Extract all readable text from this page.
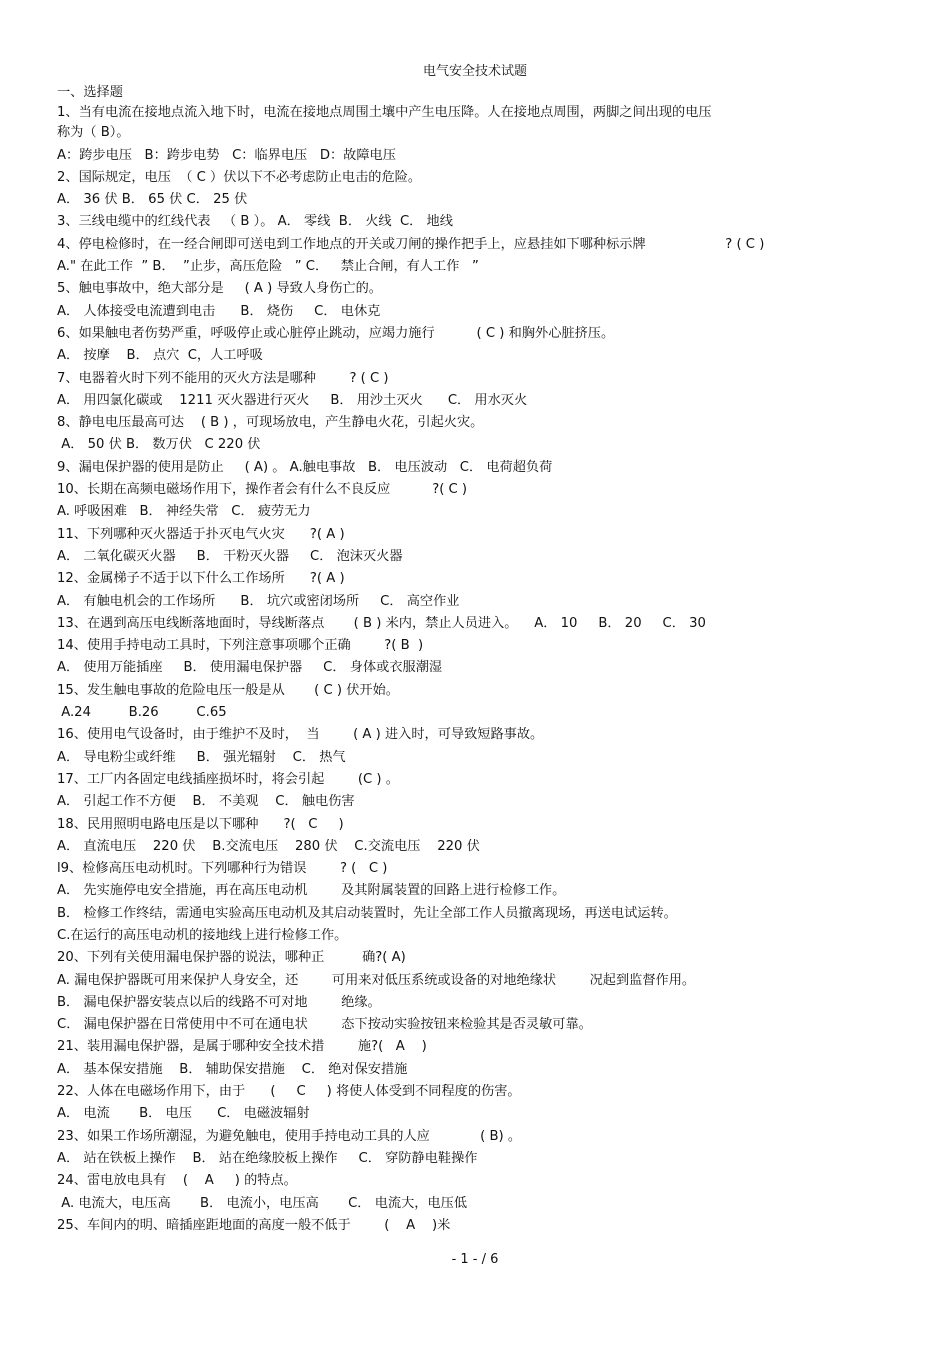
电气安全技术试题
一、选择题
1、当有电流在接地点流入地下时，电流在接地点周围土壤中产生电压降。人在接地点周围，两脚之间出现的电压
称为（ B）。
A：跨步电压   B：跨步电势   C：临界电压   D：故障电压
2、国际规定，电压  （ C ）伏以下不必考虑防止电击的危险。
A． 36 伏 B． 65 伏 C． 25 伏
3、三线电缆中的红线代表   （ B ）。 A． 零线  B． 火线  C． 地线
4、停电检修时，在一经合闸即可送电到工作地点的开关或刀闸的操作把手上，应悬挂如下哪种标示牌                   ? ( C )
A." 在此工作  ” B．  ”止步，高压危险   ” C．   禁止合闸，有人工作   ”
5、触电事故中，绝大部分是     ( A ) 导致人身伤亡的。
A． 人体接受电流遭到电击      B． 烧伤     C． 电休克
6、如果触电者伤势严重，呼吸停止或心脏停止跳动，应竭力施行          ( C ) 和胸外心脏挤压。
A． 按摩    B． 点穴  C，人工呼吸
7、电器着火时下列不能用的灭火方法是哪种        ? ( C )
A． 用四氯化碳或    1211 灭火器进行灭火     B． 用沙土灭火      C． 用水灭火
8、静电电压最高可达    ( B ) ，可现场放电，产生静电火花，引起火灾。
A． 50 伏 B． 数万伏   C 220 伏
9、漏电保护器的使用是防止     ( A) 。 A.触电事故   B． 电压波动   C． 电荷超负荷
10、长期在高频电磁场作用下，操作者会有什么不良反应          ?( C )
A. 呼吸困难   B． 神经失常   C． 疲劳无力
11、下列哪种灭火器适于扑灭电气火灾      ?( A )
A． 二氧化碳灭火器     B． 干粉灭火器     C． 泡沫灭火器
12、金属梯子不适于以下什么工作场所      ?( A )
A． 有触电机会的工作场所      B． 坑穴或密闭场所     C． 高空作业
13、在遇到高压电线断落地面时，导线断落点       ( B ) 米内，禁止人员进入。    A． 10     B． 20     C． 30
14、使用手持电动工具时，下列注意事项哪个正确        ?( B  )
A． 使用万能插座     B． 使用漏电保护器     C． 身体或衣服潮湿
15、发生触电事故的危险电压一般是从       ( C ) 伏开始。
A.24         B.26         C.65
16、使用电气设备时，由于维护不及时，  当        ( A ) 进入时，可导致短路事故。
A． 导电粉尘或纤维     B． 强光辐射    C． 热气
17、工厂内各固定电线插座损坏时，将会引起        (C ) 。
A． 引起工作不方便    B． 不美观    C． 触电伤害
18、民用照明电路电压是以下哪种      ?(   C     )
A． 直流电压    220 伏    B.交流电压    280 伏    C.交流电压    220 伏
l9、检修高压电动机时。下列哪种行为错误        ? (   C )
A． 先实施停电安全措施，再在高压电动机        及其附属装置的回路上进行检修工作。
B． 检修工作终结，需通电实验高压电动机及其启动装置时，先让全部工作人员撤离现场，再送电试运转。
C.在运行的高压电动机的接地线上进行检修工作。
20、下列有关使用漏电保护器的说法，哪种正         确?( A)
A. 漏电保护器既可用来保护人身安全，还        可用来对低压系统或设备的对地绝缘状        况起到监督作用。
B． 漏电保护器安装点以后的线路不可对地        绝缘。
C． 漏电保护器在日常使用中不可在通电状        态下按动实验按钮来检验其是否灵敏可靠。
21、装用漏电保护器，是属于哪种安全技术措        施?(   A    )
A． 基本保安措施    B． 辅助保安措施    C． 绝对保安措施
22、人体在电磁场作用下，由于      (     C     ) 将使人体受到不同程度的伤害。
A． 电流       B． 电压      C． 电磁波辐射
23、如果工作场所潮湿，为避免触电，使用手持电动工具的人应            ( B) 。
A． 站在铁板上操作    B． 站在绝缘胶板上操作     C． 穿防静电鞋操作
24、雷电放电具有    (    A     ) 的特点。
A. 电流大，电压高       B． 电流小，电压高       C． 电流大，电压低
25、车间内的明、暗插座距地面的高度一般不低于        (    A    )米
- 1 - / 6
